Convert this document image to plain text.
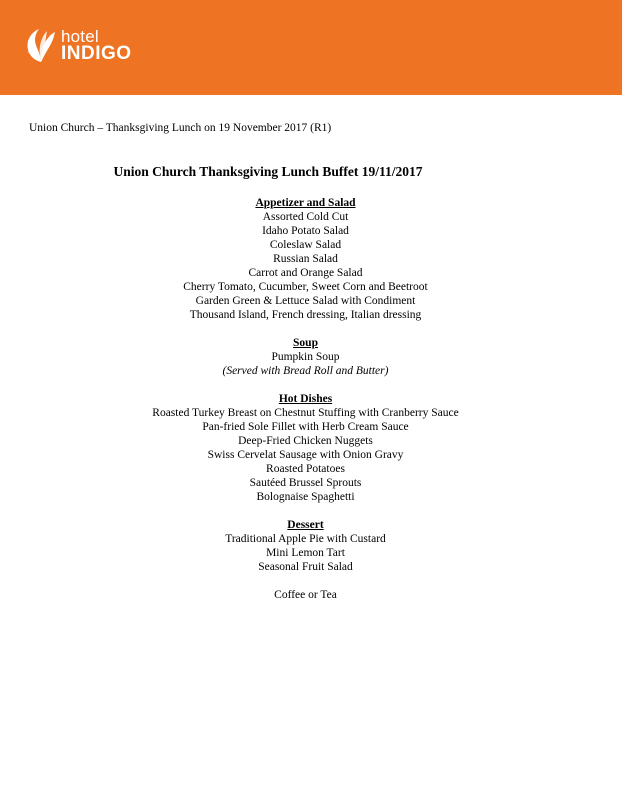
hotel
INDIGO
Union Church – Thanksgiving Lunch on 19 November 2017 (R1)
Union Church Thanksgiving Lunch Buffet 19/11/2017
Appetizer and Salad
Assorted Cold Cut
Idaho Potato Salad
Coleslaw Salad
Russian Salad
Carrot and Orange Salad
Cherry Tomato, Cucumber, Sweet Corn and Beetroot
Garden Green & Lettuce Salad with Condiment
Thousand Island, French dressing, Italian dressing
Soup
Pumpkin Soup
(Served with Bread Roll and Butter)
Hot Dishes
Roasted Turkey Breast on Chestnut Stuffing with Cranberry Sauce
Pan-fried Sole Fillet with Herb Cream Sauce
Deep-Fried Chicken Nuggets
Swiss Cervelat Sausage with Onion Gravy
Roasted Potatoes
Sautéed Brussel Sprouts
Bolognaise Spaghetti
Dessert
Traditional Apple Pie with Custard
Mini Lemon Tart
Seasonal Fruit Salad
Coffee or Tea
